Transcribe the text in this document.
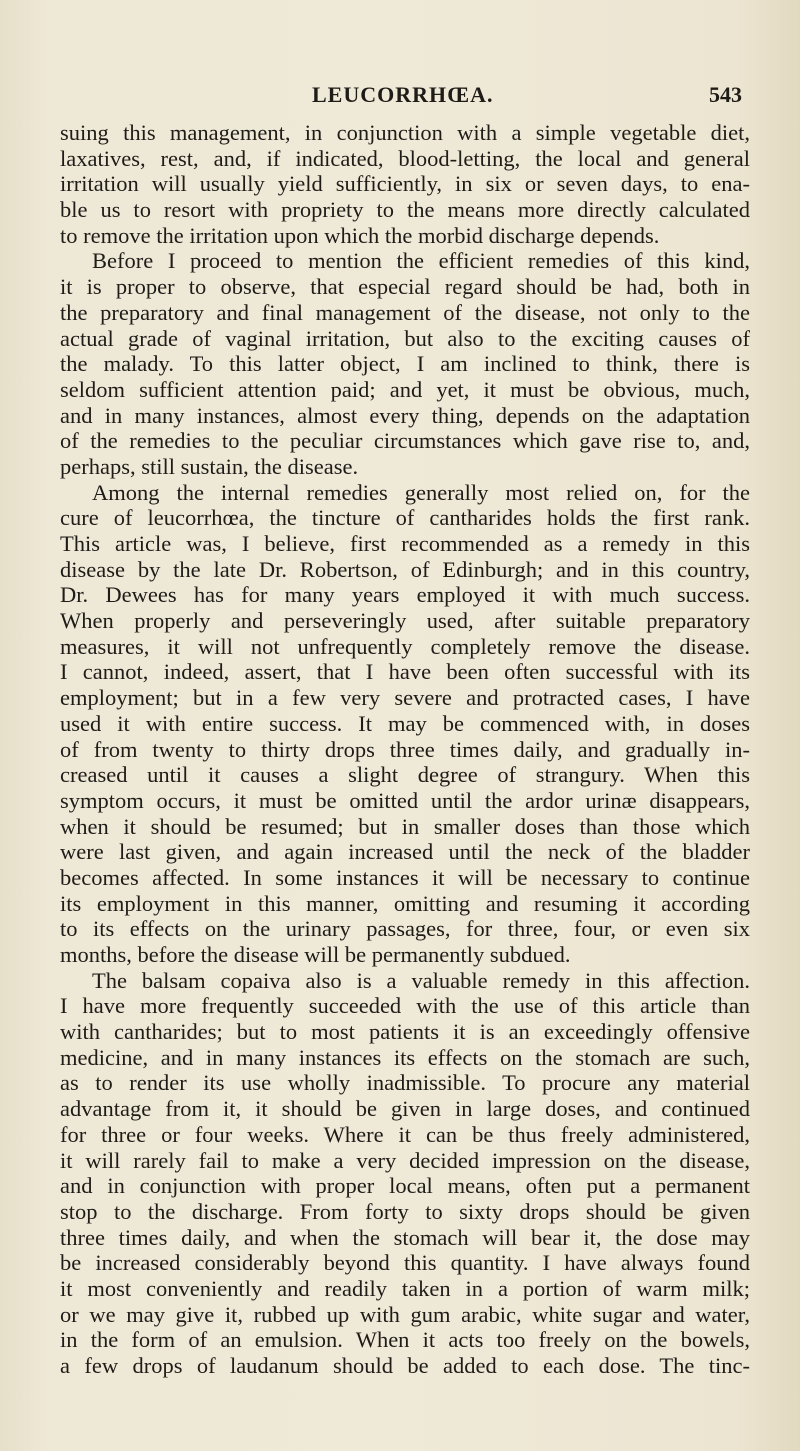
LEUCORRHŒA.	543
suing this management, in conjunction with a simple vegetable diet,
laxatives, rest, and, if indicated, blood-letting, the local and general
irritation will usually yield sufficiently, in six or seven days, to ena-
ble us to resort with propriety to the means more directly calculated
to remove the irritation upon which the morbid discharge depends.
Before I proceed to mention the efficient remedies of this kind,
it is proper to observe, that especial regard should be had, both in
the preparatory and final management of the disease, not only to the
actual grade of vaginal irritation, but also to the exciting causes of
the malady. To this latter object, I am inclined to think, there is
seldom sufficient attention paid; and yet, it must be obvious, much,
and in many instances, almost every thing, depends on the adaptation
of the remedies to the peculiar circumstances which gave rise to, and,
perhaps, still sustain, the disease.
Among the internal remedies generally most relied on, for the
cure of leucorrhœa, the tincture of cantharides holds the first rank.
This article was, I believe, first recommended as a remedy in this
disease by the late Dr. Robertson, of Edinburgh; and in this country,
Dr. Dewees has for many years employed it with much success.
When properly and perseveringly used, after suitable preparatory
measures, it will not unfrequently completely remove the disease.
I cannot, indeed, assert, that I have been often successful with its
employment; but in a few very severe and protracted cases, I have
used it with entire success. It may be commenced with, in doses
of from twenty to thirty drops three times daily, and gradually in-
creased until it causes a slight degree of strangury. When this
symptom occurs, it must be omitted until the ardor urinæ disappears,
when it should be resumed; but in smaller doses than those which
were last given, and again increased until the neck of the bladder
becomes affected. In some instances it will be necessary to continue
its employment in this manner, omitting and resuming it according
to its effects on the urinary passages, for three, four, or even six
months, before the disease will be permanently subdued.
The balsam copaiva also is a valuable remedy in this affection.
I have more frequently succeeded with the use of this article than
with cantharides; but to most patients it is an exceedingly offensive
medicine, and in many instances its effects on the stomach are such,
as to render its use wholly inadmissible. To procure any material
advantage from it, it should be given in large doses, and continued
for three or four weeks. Where it can be thus freely administered,
it will rarely fail to make a very decided impression on the disease,
and in conjunction with proper local means, often put a permanent
stop to the discharge. From forty to sixty drops should be given
three times daily, and when the stomach will bear it, the dose may
be increased considerably beyond this quantity. I have always found
it most conveniently and readily taken in a portion of warm milk;
or we may give it, rubbed up with gum arabic, white sugar and water,
in the form of an emulsion. When it acts too freely on the bowels,
a few drops of laudanum should be added to each dose. The tinc-
